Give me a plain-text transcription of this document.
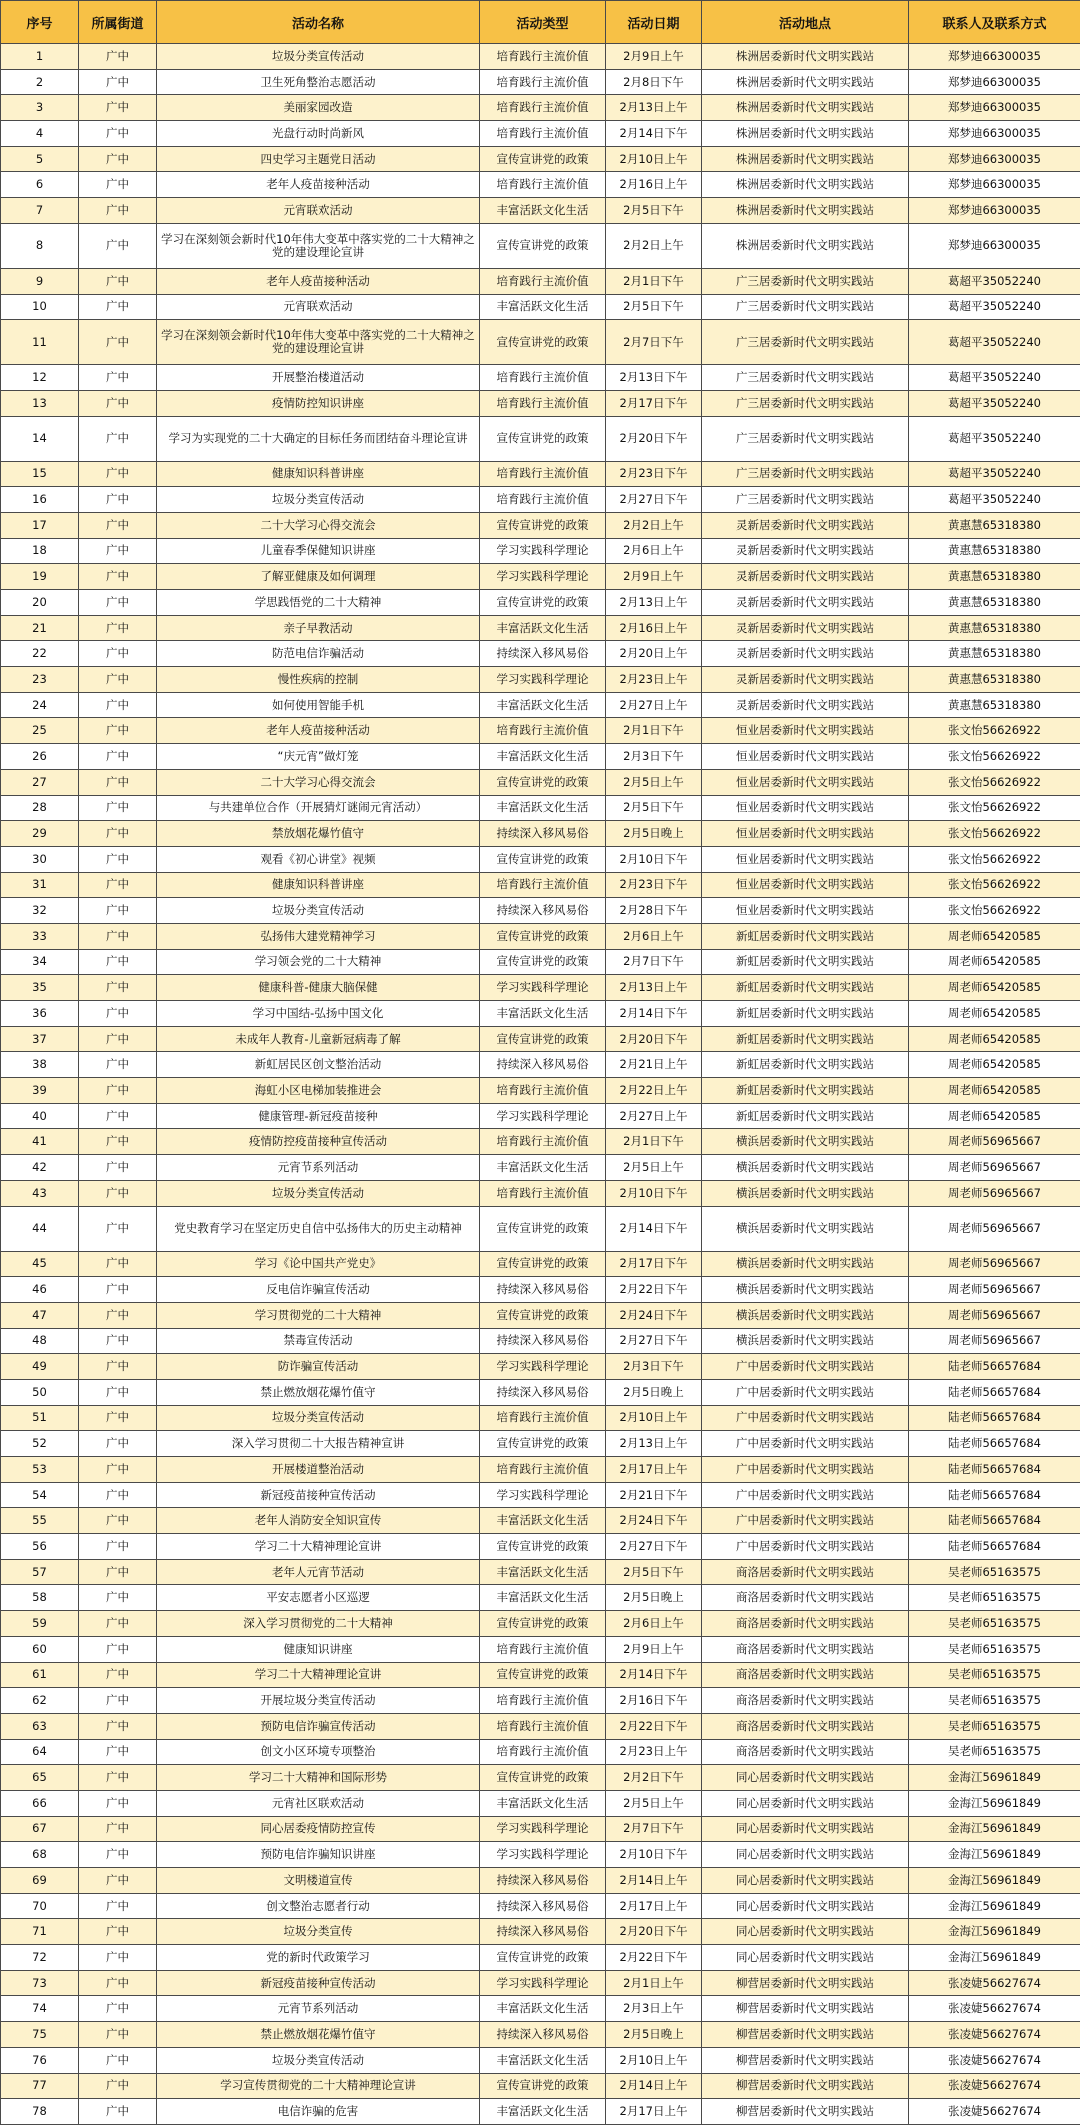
序号	所属街道	活动名称	活动类型	活动日期	活动地点	联系人及联系方式
1	广中	垃圾分类宣传活动	培育践行主流价值	2月9日上午	株洲居委新时代文明实践站	郑梦迪66300035
2	广中	卫生死角整治志愿活动	培育践行主流价值	2月8日下午	株洲居委新时代文明实践站	郑梦迪66300035
3	广中	美丽家园改造	培育践行主流价值	2月13日上午	株洲居委新时代文明实践站	郑梦迪66300035
4	广中	光盘行动时尚新风	培育践行主流价值	2月14日下午	株洲居委新时代文明实践站	郑梦迪66300035
5	广中	四史学习主题党日活动	宣传宣讲党的政策	2月10日上午	株洲居委新时代文明实践站	郑梦迪66300035
6	广中	老年人疫苗接种活动	培育践行主流价值	2月16日上午	株洲居委新时代文明实践站	郑梦迪66300035
7	广中	元宵联欢活动	丰富活跃文化生活	2月5日下午	株洲居委新时代文明实践站	郑梦迪66300035
8	广中	学习在深刻领会新时代10年伟大变革中落实党的二十大精神之党的建设理论宣讲	宣传宣讲党的政策	2月2日上午	株洲居委新时代文明实践站	郑梦迪66300035
9	广中	老年人疫苗接种活动	培育践行主流价值	2月1日下午	广三居委新时代文明实践站	葛超平35052240
10	广中	元宵联欢活动	丰富活跃文化生活	2月5日下午	广三居委新时代文明实践站	葛超平35052240
11	广中	学习在深刻领会新时代10年伟大变革中落实党的二十大精神之党的建设理论宣讲	宣传宣讲党的政策	2月7日下午	广三居委新时代文明实践站	葛超平35052240
12	广中	开展整治楼道活动	培育践行主流价值	2月13日下午	广三居委新时代文明实践站	葛超平35052240
13	广中	疫情防控知识讲座	培育践行主流价值	2月17日下午	广三居委新时代文明实践站	葛超平35052240
14	广中	学习为实现党的二十大确定的目标任务而团结奋斗理论宣讲	宣传宣讲党的政策	2月20日下午	广三居委新时代文明实践站	葛超平35052240
15	广中	健康知识科普讲座	培育践行主流价值	2月23日下午	广三居委新时代文明实践站	葛超平35052240
16	广中	垃圾分类宣传活动	培育践行主流价值	2月27日下午	广三居委新时代文明实践站	葛超平35052240
17	广中	二十大学习心得交流会	宣传宣讲党的政策	2月2日上午	灵新居委新时代文明实践站	黄惠慧65318380
18	广中	儿童春季保健知识讲座	学习实践科学理论	2月6日上午	灵新居委新时代文明实践站	黄惠慧65318380
19	广中	了解亚健康及如何调理	学习实践科学理论	2月9日上午	灵新居委新时代文明实践站	黄惠慧65318380
20	广中	学思践悟党的二十大精神	宣传宣讲党的政策	2月13日上午	灵新居委新时代文明实践站	黄惠慧65318380
21	广中	亲子早教活动	丰富活跃文化生活	2月16日上午	灵新居委新时代文明实践站	黄惠慧65318380
22	广中	防范电信诈骗活动	持续深入移风易俗	2月20日上午	灵新居委新时代文明实践站	黄惠慧65318380
23	广中	慢性疾病的控制	学习实践科学理论	2月23日上午	灵新居委新时代文明实践站	黄惠慧65318380
24	广中	如何使用智能手机	丰富活跃文化生活	2月27日上午	灵新居委新时代文明实践站	黄惠慧65318380
25	广中	老年人疫苗接种活动	培育践行主流价值	2月1日下午	恒业居委新时代文明实践站	张文怡56626922
26	广中	“庆元宵”做灯笼	丰富活跃文化生活	2月3日下午	恒业居委新时代文明实践站	张文怡56626922
27	广中	二十大学习心得交流会	宣传宣讲党的政策	2月5日上午	恒业居委新时代文明实践站	张文怡56626922
28	广中	与共建单位合作（开展猜灯谜闹元宵活动）	丰富活跃文化生活	2月5日下午	恒业居委新时代文明实践站	张文怡56626922
29	广中	禁放烟花爆竹值守	持续深入移风易俗	2月5日晚上	恒业居委新时代文明实践站	张文怡56626922
30	广中	观看《初心讲堂》视频	宣传宣讲党的政策	2月10日下午	恒业居委新时代文明实践站	张文怡56626922
31	广中	健康知识科普讲座	培育践行主流价值	2月23日下午	恒业居委新时代文明实践站	张文怡56626922
32	广中	垃圾分类宣传活动	持续深入移风易俗	2月28日下午	恒业居委新时代文明实践站	张文怡56626922
33	广中	弘扬伟大建党精神学习	宣传宣讲党的政策	2月6日上午	新虹居委新时代文明实践站	周老师65420585
34	广中	学习领会党的二十大精神	宣传宣讲党的政策	2月7日下午	新虹居委新时代文明实践站	周老师65420585
35	广中	健康科普-健康大脑保健	学习实践科学理论	2月13日上午	新虹居委新时代文明实践站	周老师65420585
36	广中	学习中国结-弘扬中国文化	丰富活跃文化生活	2月14日下午	新虹居委新时代文明实践站	周老师65420585
37	广中	未成年人教育-儿童新冠病毒了解	宣传宣讲党的政策	2月20日下午	新虹居委新时代文明实践站	周老师65420585
38	广中	新虹居民区创文整治活动	持续深入移风易俗	2月21日上午	新虹居委新时代文明实践站	周老师65420585
39	广中	海虹小区电梯加装推进会	培育践行主流价值	2月22日上午	新虹居委新时代文明实践站	周老师65420585
40	广中	健康管理-新冠疫苗接种	学习实践科学理论	2月27日上午	新虹居委新时代文明实践站	周老师65420585
41	广中	疫情防控疫苗接种宣传活动	培育践行主流价值	2月1日下午	横浜居委新时代文明实践站	周老师56965667
42	广中	元宵节系列活动	丰富活跃文化生活	2月5日上午	横浜居委新时代文明实践站	周老师56965667
43	广中	垃圾分类宣传活动	培育践行主流价值	2月10日下午	横浜居委新时代文明实践站	周老师56965667
44	广中	党史教育学习在坚定历史自信中弘扬伟大的历史主动精神	宣传宣讲党的政策	2月14日下午	横浜居委新时代文明实践站	周老师56965667
45	广中	学习《论中国共产党史》	宣传宣讲党的政策	2月17日下午	横浜居委新时代文明实践站	周老师56965667
46	广中	反电信诈骗宣传活动	持续深入移风易俗	2月22日下午	横浜居委新时代文明实践站	周老师56965667
47	广中	学习贯彻党的二十大精神	宣传宣讲党的政策	2月24日下午	横浜居委新时代文明实践站	周老师56965667
48	广中	禁毒宣传活动	持续深入移风易俗	2月27日下午	横浜居委新时代文明实践站	周老师56965667
49	广中	防诈骗宣传活动	学习实践科学理论	2月3日下午	广中居委新时代文明实践站	陆老师56657684
50	广中	禁止燃放烟花爆竹值守	持续深入移风易俗	2月5日晚上	广中居委新时代文明实践站	陆老师56657684
51	广中	垃圾分类宣传活动	培育践行主流价值	2月10日上午	广中居委新时代文明实践站	陆老师56657684
52	广中	深入学习贯彻二十大报告精神宣讲	宣传宣讲党的政策	2月13日上午	广中居委新时代文明实践站	陆老师56657684
53	广中	开展楼道整治活动	培育践行主流价值	2月17日上午	广中居委新时代文明实践站	陆老师56657684
54	广中	新冠疫苗接种宣传活动	学习实践科学理论	2月21日下午	广中居委新时代文明实践站	陆老师56657684
55	广中	老年人消防安全知识宣传	丰富活跃文化生活	2月24日下午	广中居委新时代文明实践站	陆老师56657684
56	广中	学习二十大精神理论宣讲	宣传宣讲党的政策	2月27日下午	广中居委新时代文明实践站	陆老师56657684
57	广中	老年人元宵节活动	丰富活跃文化生活	2月5日下午	商洛居委新时代文明实践站	吴老师65163575
58	广中	平安志愿者小区巡逻	丰富活跃文化生活	2月5日晚上	商洛居委新时代文明实践站	吴老师65163575
59	广中	深入学习贯彻党的二十大精神	宣传宣讲党的政策	2月6日上午	商洛居委新时代文明实践站	吴老师65163575
60	广中	健康知识讲座	培育践行主流价值	2月9日上午	商洛居委新时代文明实践站	吴老师65163575
61	广中	学习二十大精神理论宣讲	宣传宣讲党的政策	2月14日下午	商洛居委新时代文明实践站	吴老师65163575
62	广中	开展垃圾分类宣传活动	培育践行主流价值	2月16日下午	商洛居委新时代文明实践站	吴老师65163575
63	广中	预防电信诈骗宣传活动	培育践行主流价值	2月22日下午	商洛居委新时代文明实践站	吴老师65163575
64	广中	创文小区环境专项整治	培育践行主流价值	2月23日上午	商洛居委新时代文明实践站	吴老师65163575
65	广中	学习二十大精神和国际形势	宣传宣讲党的政策	2月2日下午	同心居委新时代文明实践站	金海江56961849
66	广中	元宵社区联欢活动	丰富活跃文化生活	2月5日上午	同心居委新时代文明实践站	金海江56961849
67	广中	同心居委疫情防控宣传	学习实践科学理论	2月7日下午	同心居委新时代文明实践站	金海江56961849
68	广中	预防电信诈骗知识讲座	学习实践科学理论	2月10日下午	同心居委新时代文明实践站	金海江56961849
69	广中	文明楼道宣传	持续深入移风易俗	2月14日上午	同心居委新时代文明实践站	金海江56961849
70	广中	创文整治志愿者行动	持续深入移风易俗	2月17日上午	同心居委新时代文明实践站	金海江56961849
71	广中	垃圾分类宣传	持续深入移风易俗	2月20日下午	同心居委新时代文明实践站	金海江56961849
72	广中	党的新时代政策学习	宣传宣讲党的政策	2月22日下午	同心居委新时代文明实践站	金海江56961849
73	广中	新冠疫苗接种宣传活动	学习实践科学理论	2月1日上午	柳营居委新时代文明实践站	张凌婕56627674
74	广中	元宵节系列活动	丰富活跃文化生活	2月3日上午	柳营居委新时代文明实践站	张凌婕56627674
75	广中	禁止燃放烟花爆竹值守	持续深入移风易俗	2月5日晚上	柳营居委新时代文明实践站	张凌婕56627674
76	广中	垃圾分类宣传活动	丰富活跃文化生活	2月10日上午	柳营居委新时代文明实践站	张凌婕56627674
77	广中	学习宣传贯彻党的二十大精神理论宣讲	宣传宣讲党的政策	2月14日上午	柳营居委新时代文明实践站	张凌婕56627674
78	广中	电信诈骗的危害	丰富活跃文化生活	2月17日上午	柳营居委新时代文明实践站	张凌婕56627674
